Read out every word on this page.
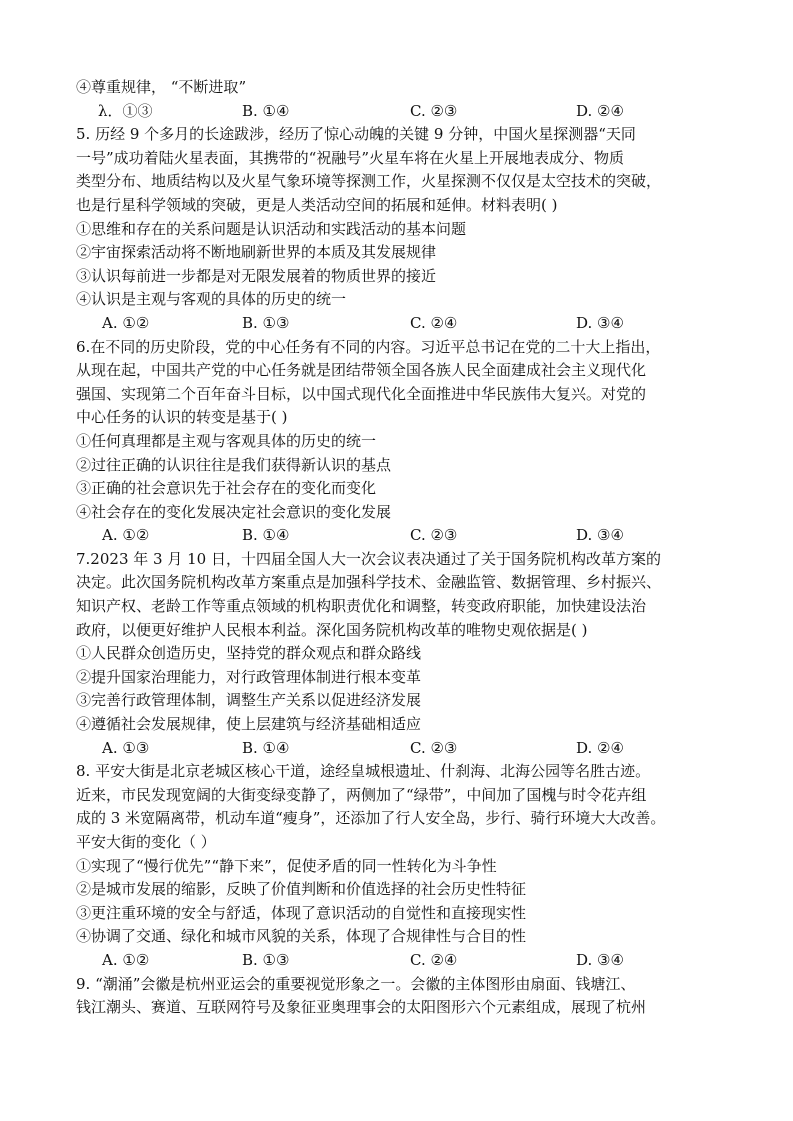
④尊重规律， “不断进取”
λ．①③	B. ①④	C. ②③	D. ②④
5. 历经 9 个多月的长途跋涉，经历了惊心动魄的关键 9 分钟，中国火星探测器“天同
一号”成功着陆火星表面，其携带的“祝融号”火星车将在火星上开展地表成分、物质
类型分布、地质结构以及火星气象环境等探测工作，火星探测不仅仅是太空技术的突破，
也是行星科学领域的突破，更是人类活动空间的拓展和延伸。材料表明( )
①思维和存在的关系问题是认识活动和实践活动的基本问题
②宇宙探索活动将不断地刷新世界的本质及其发展规律
③认识每前进一步都是对无限发展着的物质世界的接近
④认识是主观与客观的具体的历史的统一
A. ①②	B. ①③	C. ②④	D. ③④
6.在不同的历史阶段，党的中心任务有不同的内容。习近平总书记在党的二十大上指出，
从现在起，中国共产党的中心任务就是团结带领全国各族人民全面建成社会主义现代化
强国、实现第二个百年奋斗目标，以中国式现代化全面推进中华民族伟大复兴。对党的
中心任务的认识的转变是基于( )
①任何真理都是主观与客观具体的历史的统一
②过往正确的认识往往是我们获得新认识的基点
③正确的社会意识先于社会存在的变化而变化
④社会存在的变化发展决定社会意识的变化发展
A. ①②	B. ①④	C. ②③	D. ③④
7.2023 年 3 月 10 日，十四届全国人大一次会议表决通过了关于国务院机构改革方案的
决定。此次国务院机构改革方案重点是加强科学技术、金融监管、数据管理、乡村振兴、
知识产权、老龄工作等重点领域的机构职责优化和调整，转变政府职能，加快建设法治
政府，以便更好维护人民根本利益。深化国务院机构改革的唯物史观依据是( )
①人民群众创造历史，坚持党的群众观点和群众路线
②提升国家治理能力，对行政管理体制进行根本变革
③完善行政管理体制，调整生产关系以促进经济发展
④遵循社会发展规律，使上层建筑与经济基础相适应
A. ①③	B. ①④	C. ②③	D. ②④
8. 平安大街是北京老城区核心干道，途经皇城根遗址、什刹海、北海公园等名胜古迹。
近来，市民发现宽阔的大街变绿变静了，两侧加了“绿带”，中间加了国槐与时令花卉组
成的 3 米宽隔离带，机动车道“瘦身”，还添加了行人安全岛，步行、骑行环境大大改善。
平安大街的变化（ ）
①实现了“慢行优先”“静下来”，促使矛盾的同一性转化为斗争性
②是城市发展的缩影，反映了价值判断和价值选择的社会历史性特征
③更注重环境的安全与舒适，体现了意识活动的自觉性和直接现实性
④协调了交通、绿化和城市风貌的关系，体现了合规律性与合目的性
A. ①②	B. ①③	C. ②④	D. ③④
9. “潮涌”会徽是杭州亚运会的重要视觉形象之一。会徽的主体图形由扇面、钱塘江、
钱江潮头、赛道、互联网符号及象征亚奥理事会的太阳图形六个元素组成，展现了杭州
